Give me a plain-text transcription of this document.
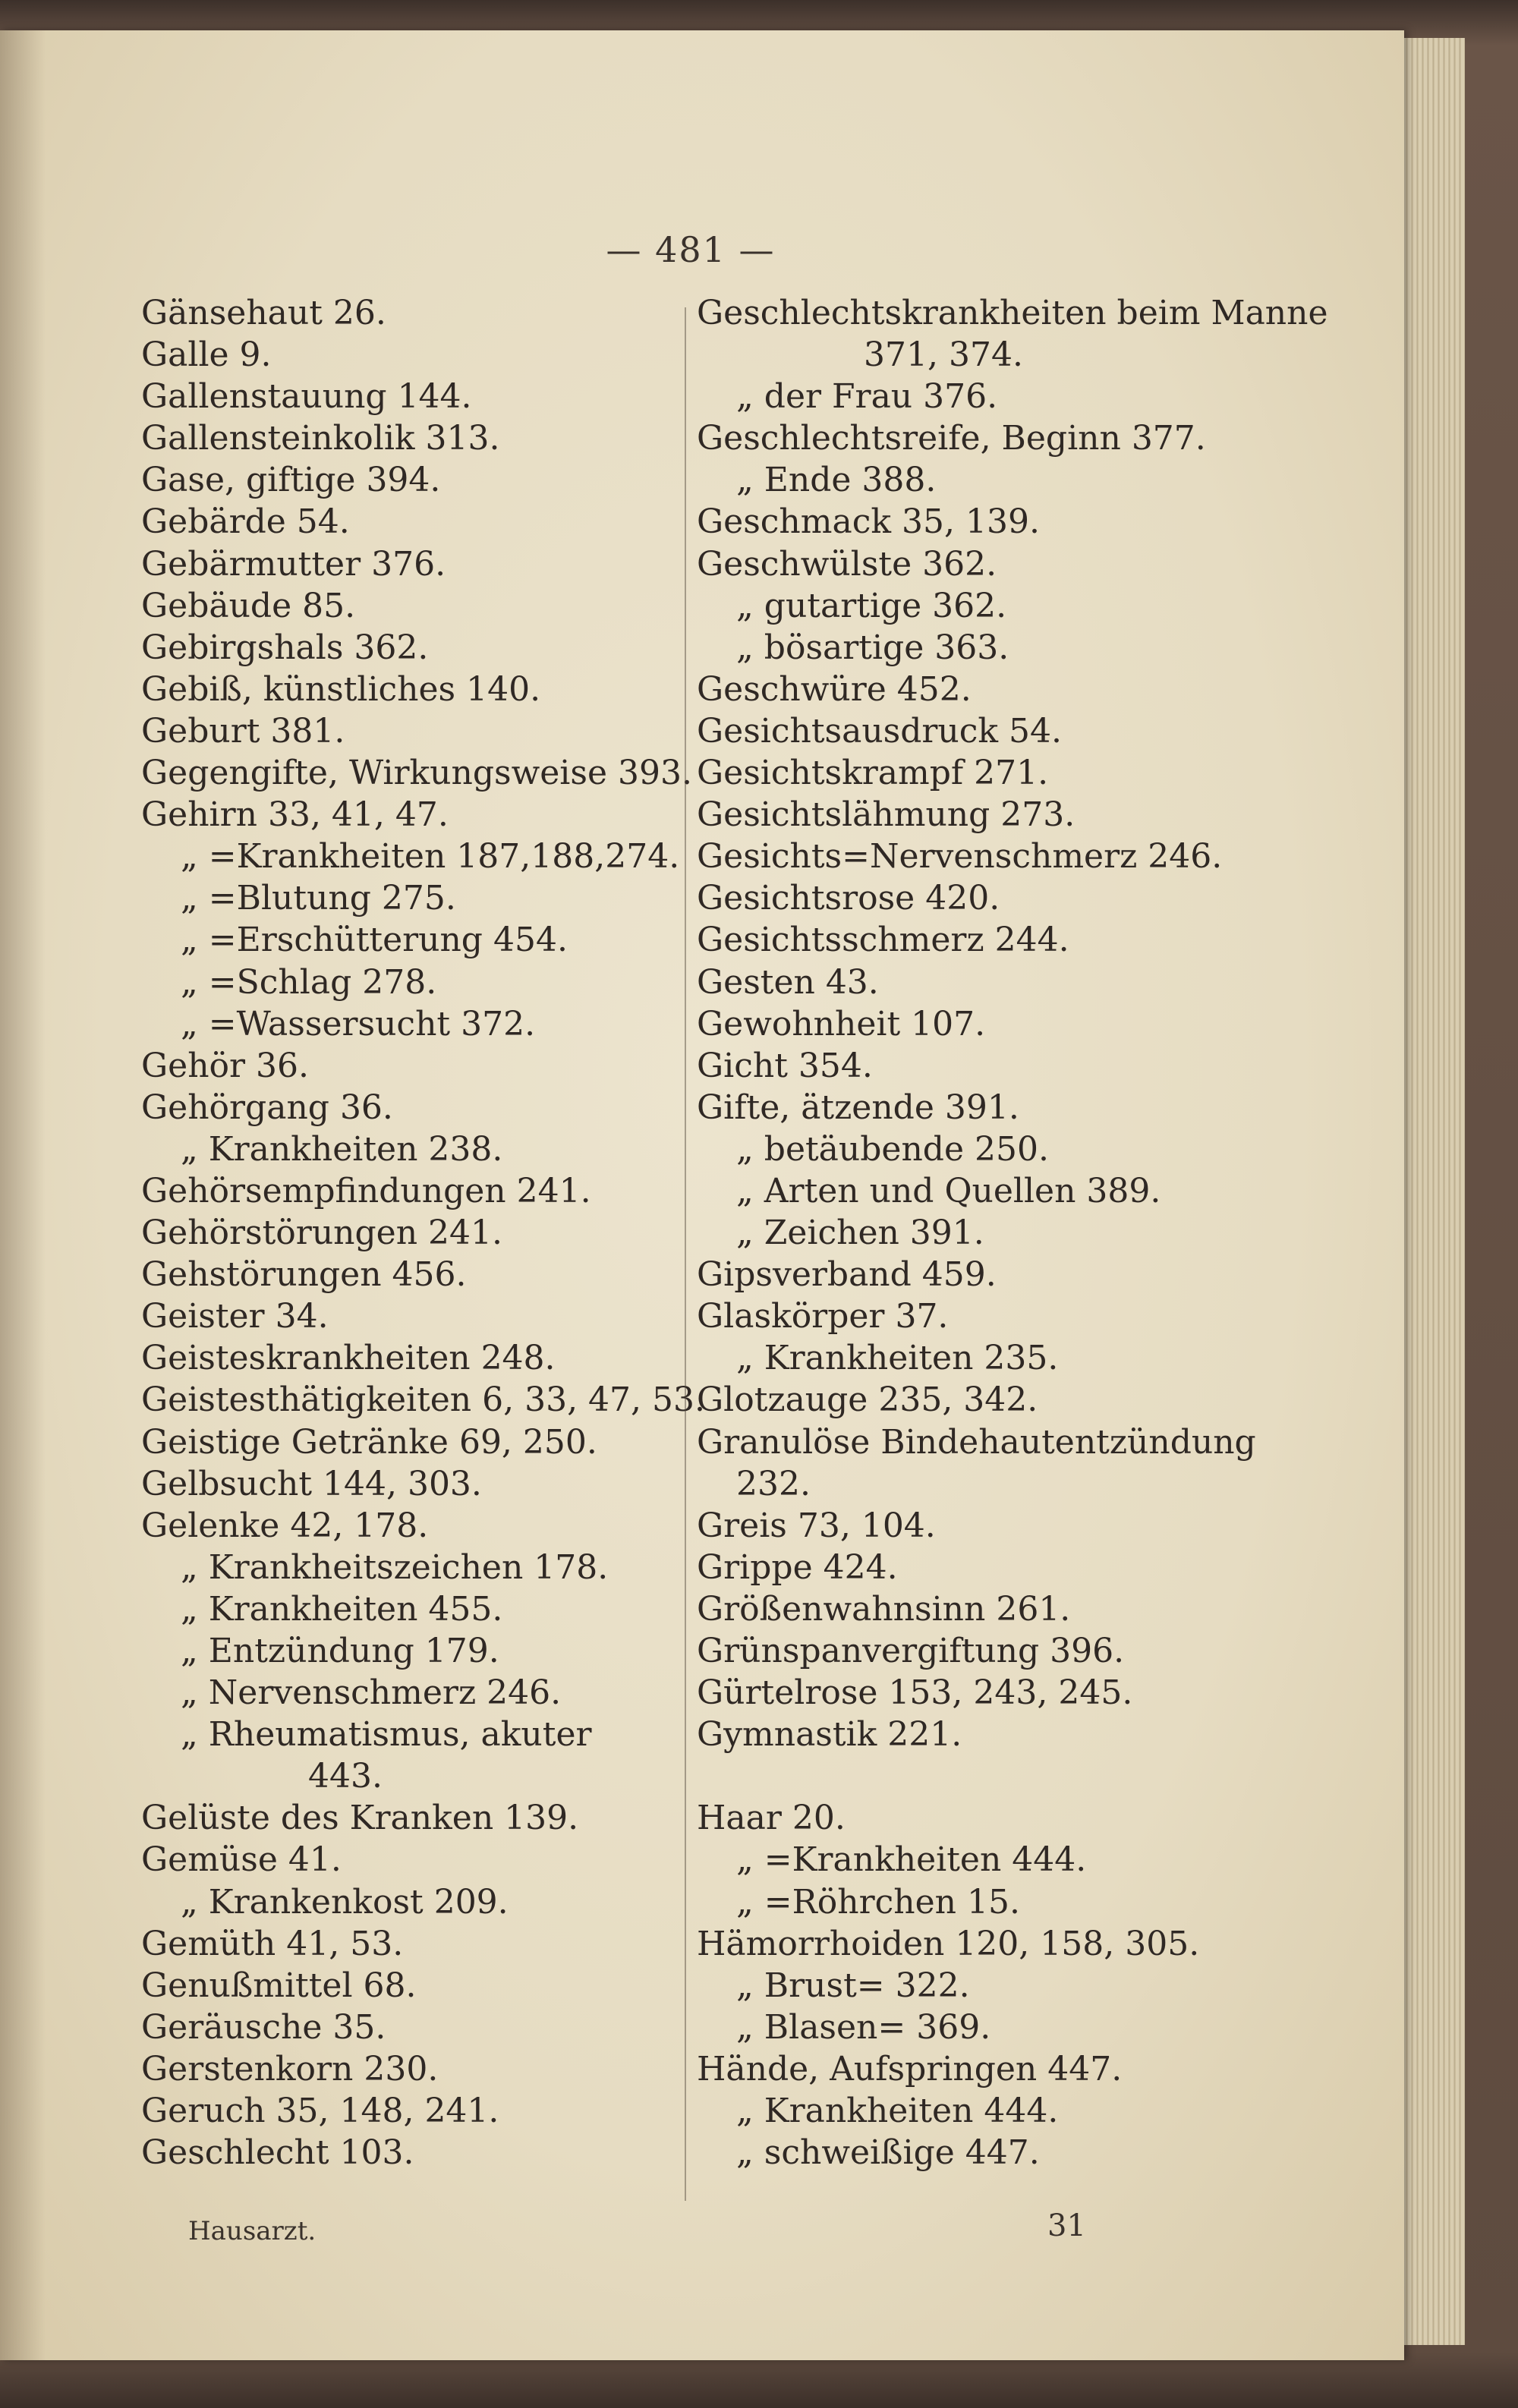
— 481 —
Gänsehaut 26.
Galle 9.
Gallenstauung 144.
Gallensteinkolik 313.
Gase, giftige 394.
Gebärde 54.
Gebärmutter 376.
Gebäude 85.
Gebirgshals 362.
Gebiß, künstliches 140.
Geburt 381.
Gegengifte, Wirkungsweise 393.
Gehirn 33, 41, 47.
„ =Krankheiten 187,188,274.
„ =Blutung 275.
„ =Erschütterung 454.
„ =Schlag 278.
„ =Wassersucht 372.
Gehör 36.
Gehörgang 36.
„ Krankheiten 238.
Gehörsempfindungen 241.
Gehörstörungen 241.
Gehstörungen 456.
Geister 34.
Geisteskrankheiten 248.
Geistesthätigkeiten 6, 33, 47, 53.
Geistige Getränke 69, 250.
Gelbsucht 144, 303.
Gelenke 42, 178.
„ Krankheitszeichen 178.
„ Krankheiten 455.
„ Entzündung 179.
„ Nervenschmerz 246.
„ Rheumatismus, akuter
443.
Gelüste des Kranken 139.
Gemüse 41.
„ Krankenkost 209.
Gemüth 41, 53.
Genußmittel 68.
Geräusche 35.
Gerstenkorn 230.
Geruch 35, 148, 241.
Geschlecht 103.
Geschlechtskrankheiten beim Manne
371, 374.
„ der Frau 376.
Geschlechtsreife, Beginn 377.
„ Ende 388.
Geschmack 35, 139.
Geschwülste 362.
„ gutartige 362.
„ bösartige 363.
Geschwüre 452.
Gesichtsausdruck 54.
Gesichtskrampf 271.
Gesichtslähmung 273.
Gesichts=Nervenschmerz 246.
Gesichtsrose 420.
Gesichtsschmerz 244.
Gesten 43.
Gewohnheit 107.
Gicht 354.
Gifte, ätzende 391.
„ betäubende 250.
„ Arten und Quellen 389.
„ Zeichen 391.
Gipsverband 459.
Glaskörper 37.
„ Krankheiten 235.
Glotzauge 235, 342.
Granulöse Bindehautentzündung
232.
Greis 73, 104.
Grippe 424.
Größenwahnsinn 261.
Grünspanvergiftung 396.
Gürtelrose 153, 243, 245.
Gymnastik 221.
Haar 20.
„ =Krankheiten 444.
„ =Röhrchen 15.
Hämorrhoiden 120, 158, 305.
„ Brust= 322.
„ Blasen= 369.
Hände, Aufspringen 447.
„ Krankheiten 444.
„ schweißige 447.
Hausarzt.	31
